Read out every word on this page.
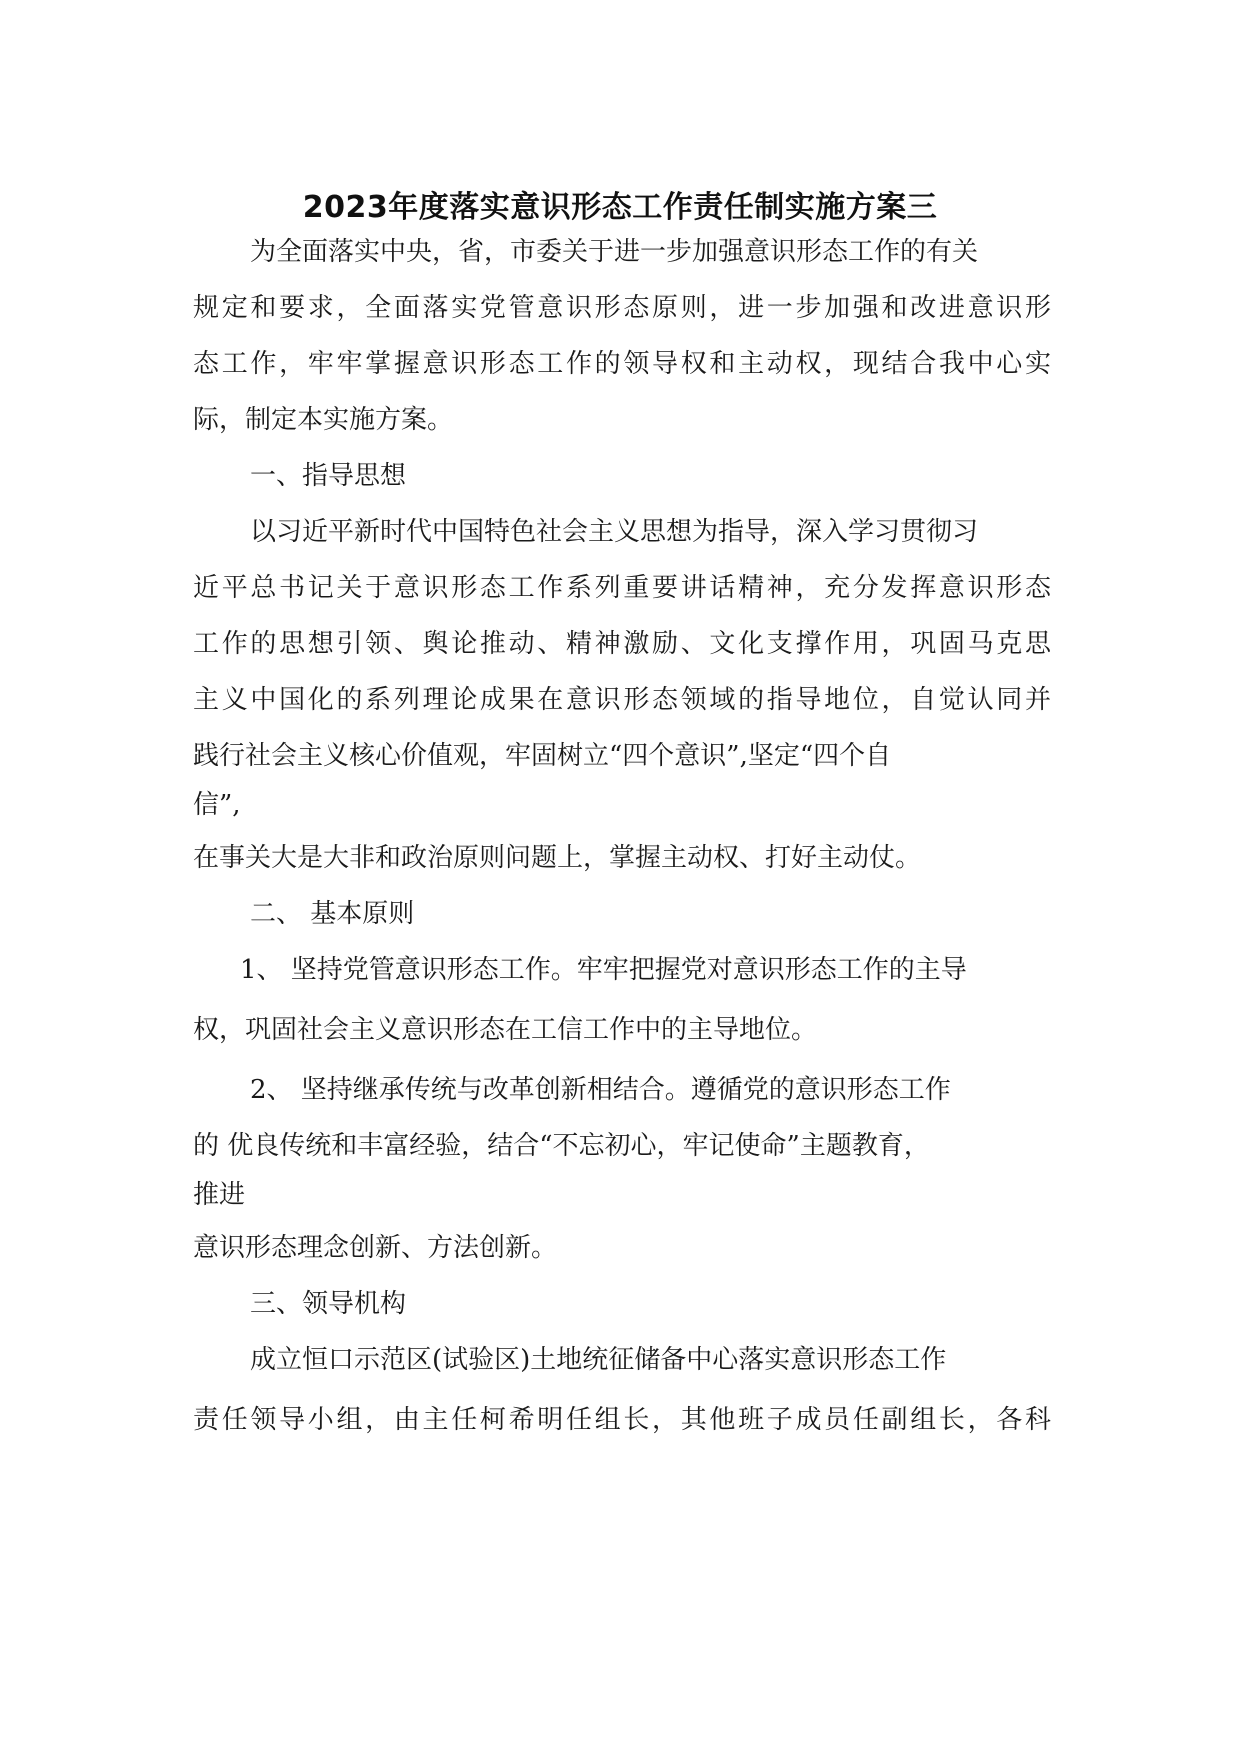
2023年度落实意识形态工作责任制实施方案三
为全面落实中央，省，市委关于进一步加强意识形态工作的有关
规定和要求，全面落实党管意识形态原则，进一步加强和改进意识形
态工作，牢牢掌握意识形态工作的领导权和主动权，现结合我中心实
际，制定本实施方案。
一、指导思想
以习近平新时代中国特色社会主义思想为指导，深入学习贯彻习
近平总书记关于意识形态工作系列重要讲话精神，充分发挥意识形态
工作的思想引领、舆论推动、精神激励、文化支撑作用，巩固马克思
主义中国化的系列理论成果在意识形态领域的指导地位，自觉认同并
践行社会主义核心价值观，牢固树立“四个意识”,坚定“四个自
信”,
在事关大是大非和政治原则问题上，掌握主动权、打好主动仗。
二、 基本原则
1、 坚持党管意识形态工作。牢牢把握党对意识形态工作的主导
权，巩固社会主义意识形态在工信工作中的主导地位。
2、 坚持继承传统与改革创新相结合。遵循党的意识形态工作
的 优良传统和丰富经验，结合“不忘初心，牢记使命”主题教育，
推进
意识形态理念创新、方法创新。
三、领导机构
成立恒口示范区(试验区)土地统征储备中心落实意识形态工作
责任领导小组，由主任柯希明任组长，其他班子成员任副组长，各科
